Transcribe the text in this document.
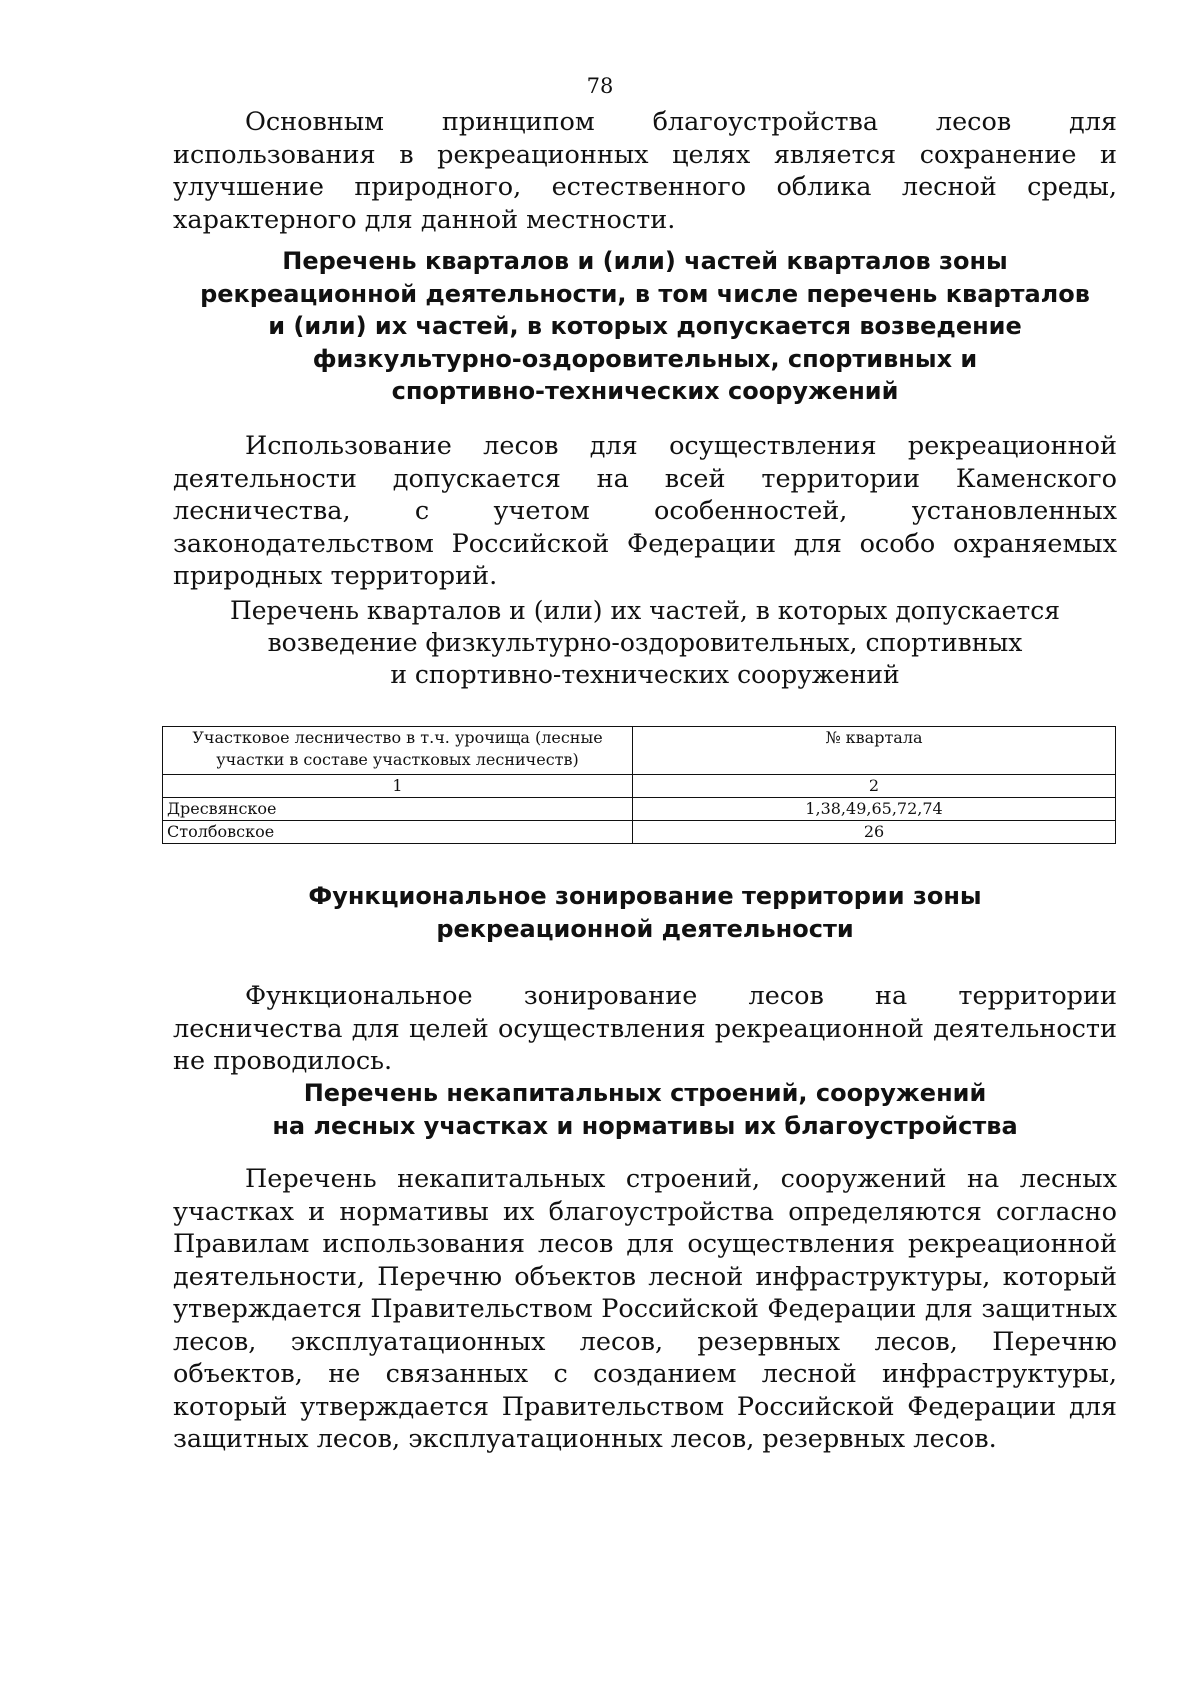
78

Основным принципом благоустройства лесов для использования в рекреационных целях является сохранение и улучшение природного, естественного облика лесной среды, характерного для данной местности.

Перечень кварталов и (или) частей кварталов зоны
рекреационной деятельности, в том числе перечень кварталов
и (или) их частей, в которых допускается возведение
физкультурно-оздоровительных, спортивных и
спортивно-технических сооружений

Использование лесов для осуществления рекреационной деятельности допускается на всей территории Каменского лесничества, с учетом особенностей, установленных законодательством Российской Федерации для особо охраняемых природных территорий.

Перечень кварталов и (или) их частей, в которых допускается
возведение физкультурно-оздоровительных, спортивных
и спортивно-технических сооружений
Участковое лесничество в т.ч. урочища (лесные участки в составе участковых лесничеств)	№ квартала
1	2
Дресвянское	1,38,49,65,72,74
Столбовское	26
Функциональное зонирование территории зоны
рекреационной деятельности

Функциональное зонирование лесов на территории лесничества для целей осуществления рекреационной деятельности не проводилось.

Перечень некапитальных строений, сооружений
на лесных участках и нормативы их благоустройства

Перечень некапитальных строений, сооружений на лесных участках и нормативы их благоустройства определяются согласно Правилам использования лесов для осуществления рекреационной деятельности, Перечню объектов лесной инфраструктуры, который утверждается Правительством Российской Федерации для защитных лесов, эксплуатационных лесов, резервных лесов, Перечню объектов, не связанных с созданием лесной инфраструктуры, который утверждается Правительством Российской Федерации для защитных лесов, эксплуатационных лесов, резервных лесов.
